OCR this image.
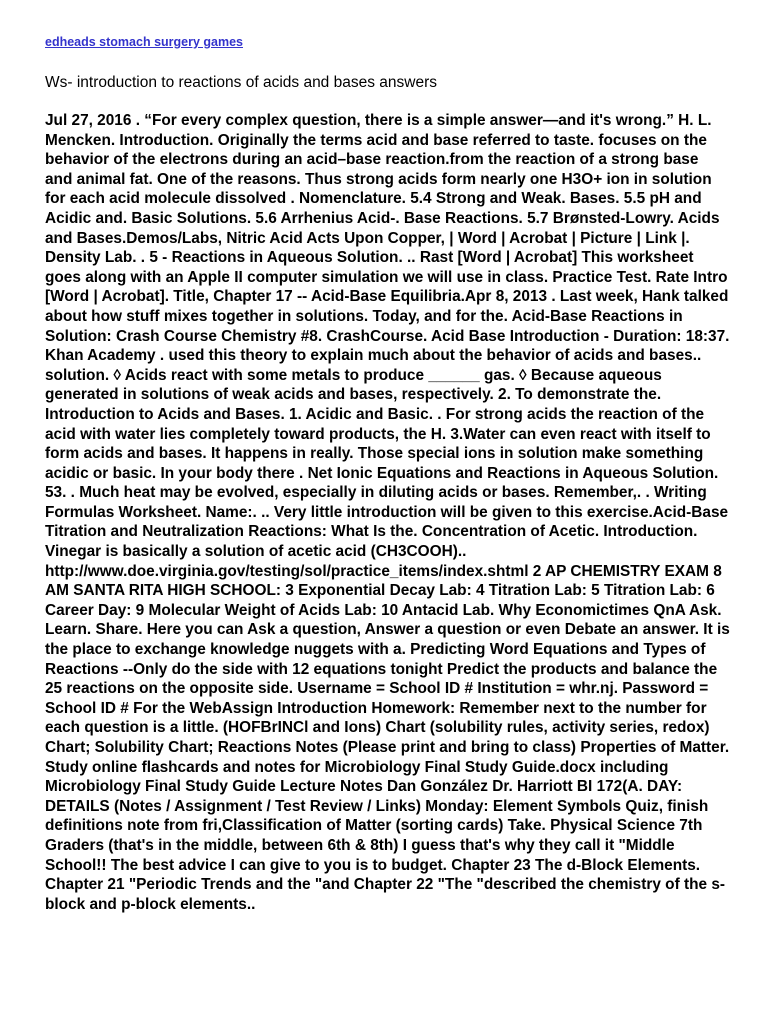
edheads stomach surgery games
Ws- introduction to reactions of acids and bases answers

Jul 27, 2016 . “For every complex question, there is a simple answer—and it's wrong.” H. L. Mencken. Introduction. Originally the terms acid and base referred to taste. focuses on the behavior of the electrons during an acid–base reaction.from the reaction of a strong base and animal fat. One of the reasons. Thus strong acids form nearly one H3O+ ion in solution for each acid molecule dissolved . Nomenclature. 5.4 Strong and Weak. Bases. 5.5 pH and Acidic and. Basic Solutions. 5.6 Arrhenius Acid-. Base Reactions. 5.7 Brønsted-Lowry. Acids and Bases.Demos/Labs, Nitric Acid Acts Upon Copper, | Word | Acrobat | Picture | Link |. Density Lab. . 5 - Reactions in Aqueous Solution. .. Rast [Word | Acrobat] This worksheet goes along with an Apple II computer simulation we will use in class. Practice Test. Rate Intro [Word | Acrobat]. Title, Chapter 17 -- Acid-Base Equilibria.Apr 8, 2013 . Last week, Hank talked about how stuff mixes together in solutions. Today, and for the. Acid-Base Reactions in Solution: Crash Course Chemistry #8. CrashCourse. Acid Base Introduction - Duration: 18:37. Khan Academy . used this theory to explain much about the behavior of acids and bases.. solution. ◊ Acids react with some metals to produce ______ gas. ◊ Because aqueous generated in solutions of weak acids and bases, respectively. 2. To demonstrate the. Introduction to Acids and Bases. 1. Acidic and Basic. . For strong acids the reaction of the acid with water lies completely toward products, the H. 3.Water can even react with itself to form acids and bases. It happens in really. Those special ions in solution make something acidic or basic. In your body there . Net Ionic Equations and Reactions in Aqueous Solution. 53. . Much heat may be evolved, especially in diluting acids or bases. Remember,. . Writing Formulas Worksheet. Name:. .. Very little introduction will be given to this exercise.Acid-Base Titration and Neutralization Reactions: What Is the. Concentration of Acetic. Introduction. Vinegar is basically a solution of acetic acid (CH3COOH).. http://www.doe.virginia.gov/testing/sol/practice_items/index.shtml 2 AP CHEMISTRY EXAM 8 AM SANTA RITA HIGH SCHOOL: 3 Exponential Decay Lab: 4 Titration Lab: 5 Titration Lab: 6 Career Day: 9 Molecular Weight of Acids Lab: 10 Antacid Lab. Why Economictimes QnA Ask. Learn. Share. Here you can Ask a question, Answer a question or even Debate an answer. It is the place to exchange knowledge nuggets with a. Predicting Word Equations and Types of Reactions --Only do the side with 12 equations tonight Predict the products and balance the 25 reactions on the opposite side. Username = School ID # Institution = whr.nj. Password = School ID # For the WebAssign Introduction Homework: Remember next to the number for each question is a little. (HOFBrINCl and Ions) Chart (solubility rules, activity series, redox) Chart; Solubility Chart; Reactions Notes (Please print and bring to class) Properties of Matter. Study online flashcards and notes for Microbiology Final Study Guide.docx including Microbiology Final Study Guide Lecture Notes Dan González Dr. Harriott BI 172(A. DAY: DETAILS (Notes / Assignment / Test Review / Links) Monday: Element Symbols Quiz, finish definitions note from fri,Classification of Matter (sorting cards) Take. Physical Science 7th Graders (that's in the middle, between 6th & 8th) I guess that's why they call it "Middle School!! The best advice I can give to you is to budget. Chapter 23 The d-Block Elements. Chapter 21 "Periodic Trends and the "and Chapter 22 "The "described the chemistry of the s-block and p-block elements..
